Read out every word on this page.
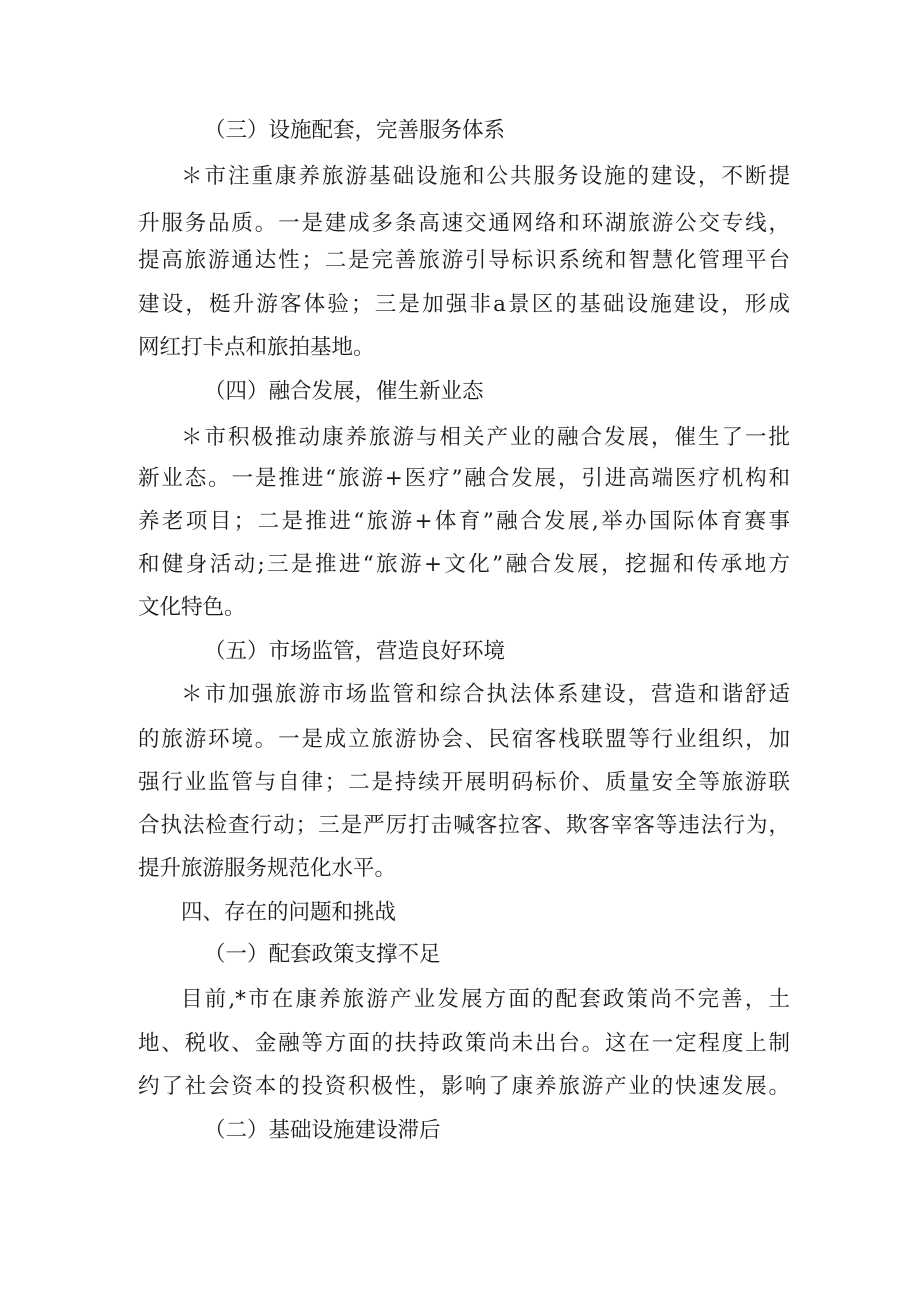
（三）设施配套，完善服务体系
＊市注重康养旅游基础设施和公共服务设施的建设，不断提
升服务品质。一是建成多条高速交通网络和环湖旅游公交专线，
提高旅游通达性；二是完善旅游引导标识系统和智慧化管理平台
建设，梃升游客体验；三是加强非a景区的基础设施建设，形成
网红打卡点和旅拍基地。
（四）融合发展，催生新业态
＊市积极推动康养旅游与相关产业的融合发展，催生了一批
新业态。一是推进“旅游+医疗”融合发展，引进高端医疗机构和
养老项目；二是推进“旅游+体育”融合发展,举办国际体育赛事
和健身活动;三是推进“旅游+文化”融合发展，挖掘和传承地方
文化特色。
（五）市场监管，营造良好环境
＊市加强旅游市场监管和综合执法体系建设，营造和谐舒适
的旅游环境。一是成立旅游协会、民宿客栈联盟等行业组织，加
强行业监管与自律；二是持续开展明码标价、质量安全等旅游联
合执法检查行动；三是严厉打击喊客拉客、欺客宰客等违法行为，
提升旅游服务规范化水平。
四、存在的问题和挑战
（一）配套政策支撑不足
目前,*市在康养旅游产业发展方面的配套政策尚不完善，土
地、税收、金融等方面的扶持政策尚未出台。这在一定程度上制
约了社会资本的投资积极性，影响了康养旅游产业的快速发展。
（二）基础设施建设滞后
